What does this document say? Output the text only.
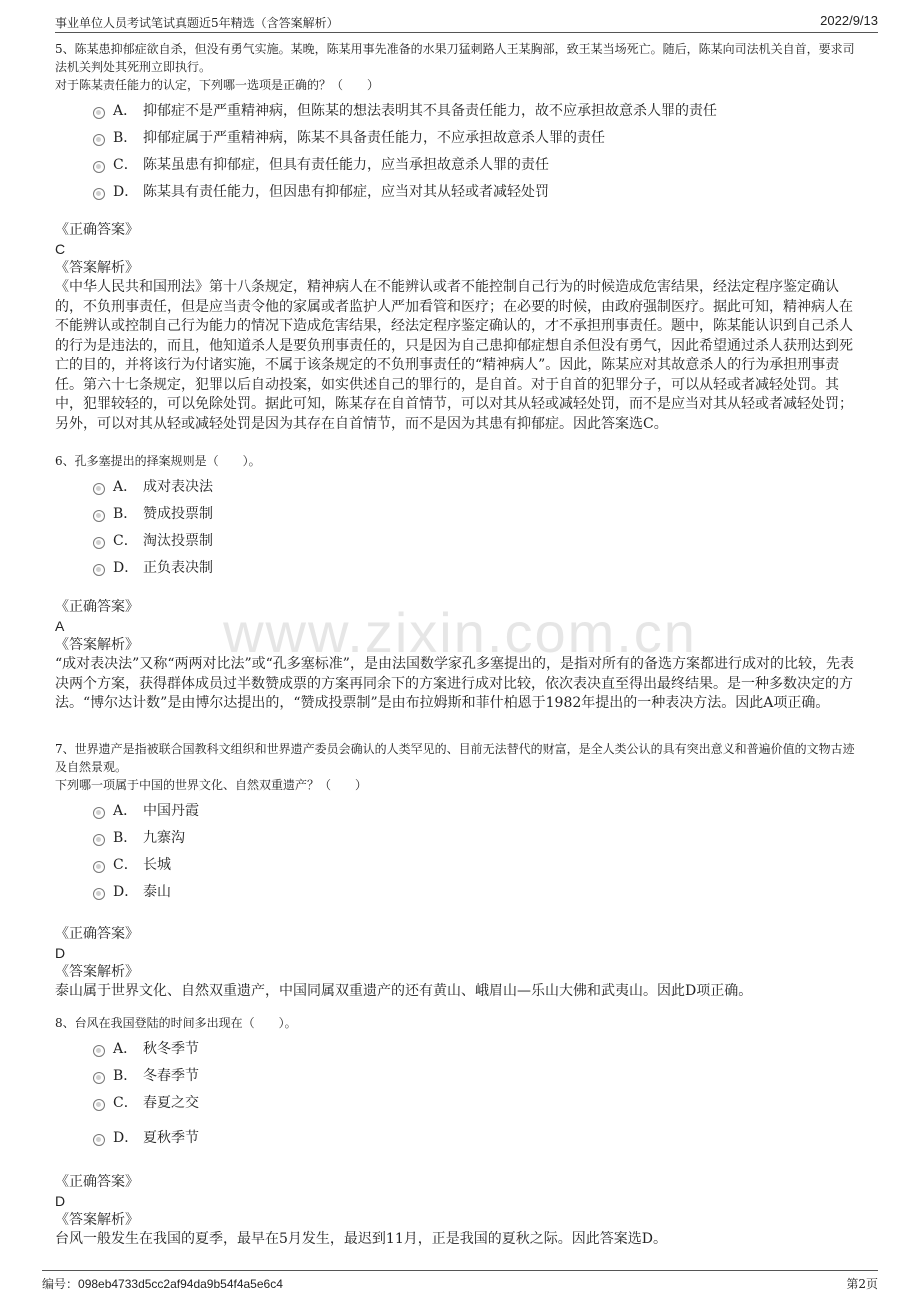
事业单位人员考试笔试真题近5年精选（含答案解析）	2022/9/13
www.zixin.com.cn

5、陈某患抑郁症欲自杀，但没有勇气实施。某晚，陈某用事先准备的水果刀猛刺路人王某胸部，致王某当场死亡。随后，陈某向司法机关自首，要求司法机关判处其死刑立即执行。

对于陈某责任能力的认定，下列哪一选项是正确的？（　　）

A． 抑郁症不是严重精神病，但陈某的想法表明其不具备责任能力，故不应承担故意杀人罪的责任
B． 抑郁症属于严重精神病，陈某不具备责任能力，不应承担故意杀人罪的责任
C． 陈某虽患有抑郁症，但具有责任能力，应当承担故意杀人罪的责任
D． 陈某具有责任能力，但因患有抑郁症，应当对其从轻或者减轻处罚
《正确答案》
C
《答案解析》
《中华人民共和国刑法》第十八条规定，精神病人在不能辨认或者不能控制自己行为的时候造成危害结果，经法定程序鉴定确认的，不负刑事责任，但是应当责令他的家属或者监护人严加看管和医疗；在必要的时候，由政府强制医疗。据此可知，精神病人在不能辨认或控制自己行为能力的情况下造成危害结果，经法定程序鉴定确认的，才不承担刑事责任。题中，陈某能认识到自己杀人的行为是违法的，而且，他知道杀人是要负刑事责任的，只是因为自己患抑郁症想自杀但没有勇气，因此希望通过杀人获刑达到死亡的目的，并将该行为付诸实施，不属于该条规定的不负刑事责任的“精神病人”。因此，陈某应对其故意杀人的行为承担刑事责任。第六十七条规定，犯罪以后自动投案，如实供述自己的罪行的，是自首。对于自首的犯罪分子，可以从轻或者减轻处罚。其中，犯罪较轻的，可以免除处罚。据此可知，陈某存在自首情节，可以对其从轻或减轻处罚，而不是应当对其从轻或者减轻处罚；另外，可以对其从轻或减轻处罚是因为其存在自首情节，而不是因为其患有抑郁症。因此答案选C。

6、孔多塞提出的择案规则是（　　）。

A． 成对表决法
B． 赞成投票制
C． 淘汰投票制
D． 正负表决制
《正确答案》
A
《答案解析》
“成对表决法”又称“两两对比法”或“孔多塞标准”，是由法国数学家孔多塞提出的，是指对所有的备选方案都进行成对的比较，先表决两个方案，获得群体成员过半数赞成票的方案再同余下的方案进行成对比较，依次表决直至得出最终结果。是一种多数决定的方法。“博尔达计数”是由博尔达提出的，“赞成投票制”是由布拉姆斯和菲什柏恩于1982年提出的一种表决方法。因此A项正确。

7、世界遗产是指被联合国教科文组织和世界遗产委员会确认的人类罕见的、目前无法替代的财富，是全人类公认的具有突出意义和普遍价值的文物古迹及自然景观。

下列哪一项属于中国的世界文化、自然双重遗产？（　　）

A． 中国丹霞
B． 九寨沟
C． 长城
D． 泰山
《正确答案》
D
《答案解析》
泰山属于世界文化、自然双重遗产，中国同属双重遗产的还有黄山、峨眉山—乐山大佛和武夷山。因此D项正确。

8、台风在我国登陆的时间多出现在（　　）。

A． 秋冬季节
B． 冬春季节
C． 春夏之交
D． 夏秋季节
《正确答案》
D
《答案解析》
台风一般发生在我国的夏季，最早在5月发生，最迟到11月，正是我国的夏秋之际。因此答案选D。
编号：098eb4733d5cc2af94da9b54f4a5e6c4	第2页
